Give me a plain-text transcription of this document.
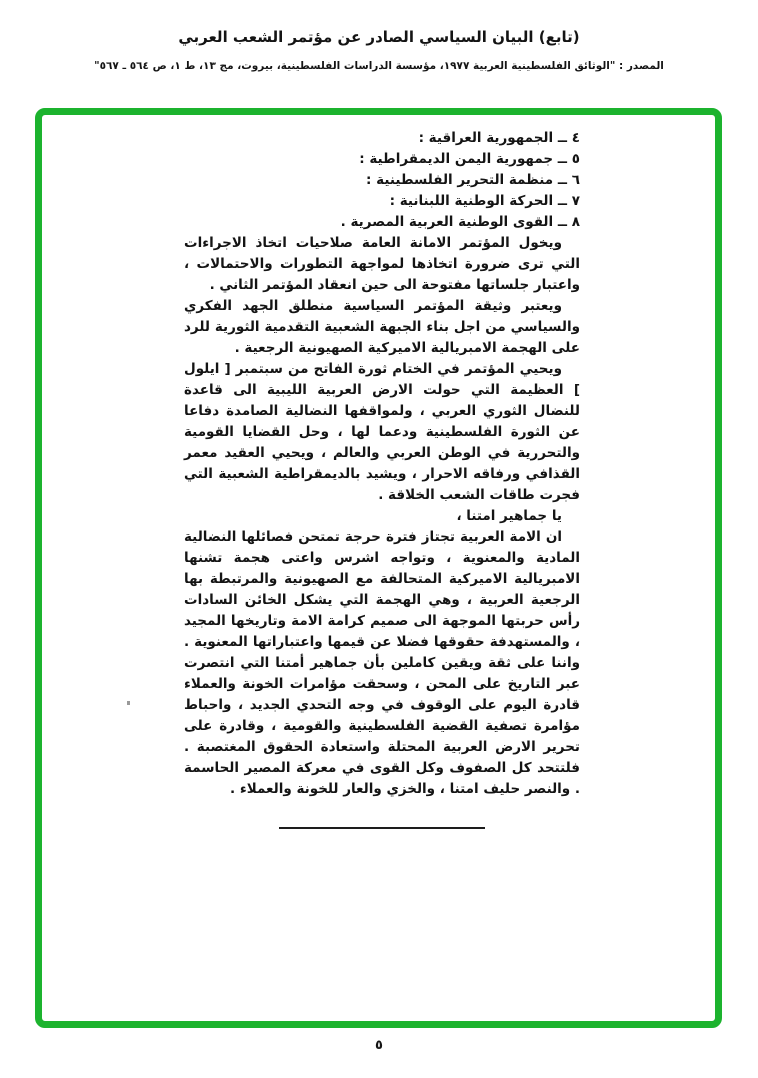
(تابع) البيان السياسي الصادر عن مؤتمر الشعب العربي
المصدر : "الوثائق الفلسطينية العربية ١٩٧٧، مؤسسة الدراسات الفلسطينية، بيروت، مج ١٣، ط ١، ص ٥٦٤ ـ ٥٦٧"
٤ ــ الجمهورية العراقية :
٥ ــ جمهورية اليمن الديمقراطية :
٦ ــ منظمة التحرير الفلسطينية :
٧ ــ الحركة الوطنية اللبنانية :
٨ ــ القوى الوطنية العربية المصرية .
ويخول المؤتمر الامانة العامة صلاحيات اتخاذ الاجراءات التي ترى ضرورة اتخاذها لمواجهة التطورات والاحتمالات ، واعتبار جلساتها مفتوحة الى حين انعقاد المؤتمر الثاني .
ويعتبر وثيقة المؤتمر السياسية منطلق الجهد الفكري والسياسي من اجل بناء الجبهة الشعبية التقدمية الثورية للرد على الهجمة الامبريالية الاميركية الصهيونية الرجعية .
ويحيي المؤتمر في الختام ثورة الفاتح من سبتمبر [ ايلول ] العظيمة التي حولت الارض العربية الليبية الى قاعدة للنضال الثوري العربي ، ولمواقفها النضالية الصامدة دفاعا عن الثورة الفلسطينية ودعما لها ، وحل القضايا القومية والتحررية في الوطن العربي والعالم ، ويحيي العقيد معمر القذافي ورفاقه الاحرار ، ويشيد بالديمقراطية الشعبية التي فجرت طاقات الشعب الخلاقة .
يا جماهير امتنا ،
ان الامة العربية تجتاز فترة حرجة تمتحن فصائلها النضالية المادية والمعنوية ، وتواجه اشرس واعتى هجمة تشنها الامبريالية الاميركية المتحالفة مع الصهيونية والمرتبطة بها الرجعية العربية ، وهي الهجمة التي يشكل الخائن السادات رأس حربتها الموجهة الى صميم كرامة الامة وتاريخها المجيد ، والمستهدفة حقوقها فضلا عن قيمها واعتباراتها المعنوية . واننا على ثقة ويقين كاملين بأن جماهير أمتنا التي انتصرت عبر التاريخ على المحن ، وسحقت مؤامرات الخونة والعملاء قادرة اليوم على الوقوف في وجه التحدي الجديد ، واحباط مؤامرة تصفية القضية الفلسطينية والقومية ، وقادرة على تحرير الارض العربية المحتلة واستعادة الحقوق المغتصبة . فلتتحد كل الصفوف وكل القوى في معركة المصير الحاسمة . والنصر حليف امتنا ، والخزي والعار للخونة والعملاء .
٥
